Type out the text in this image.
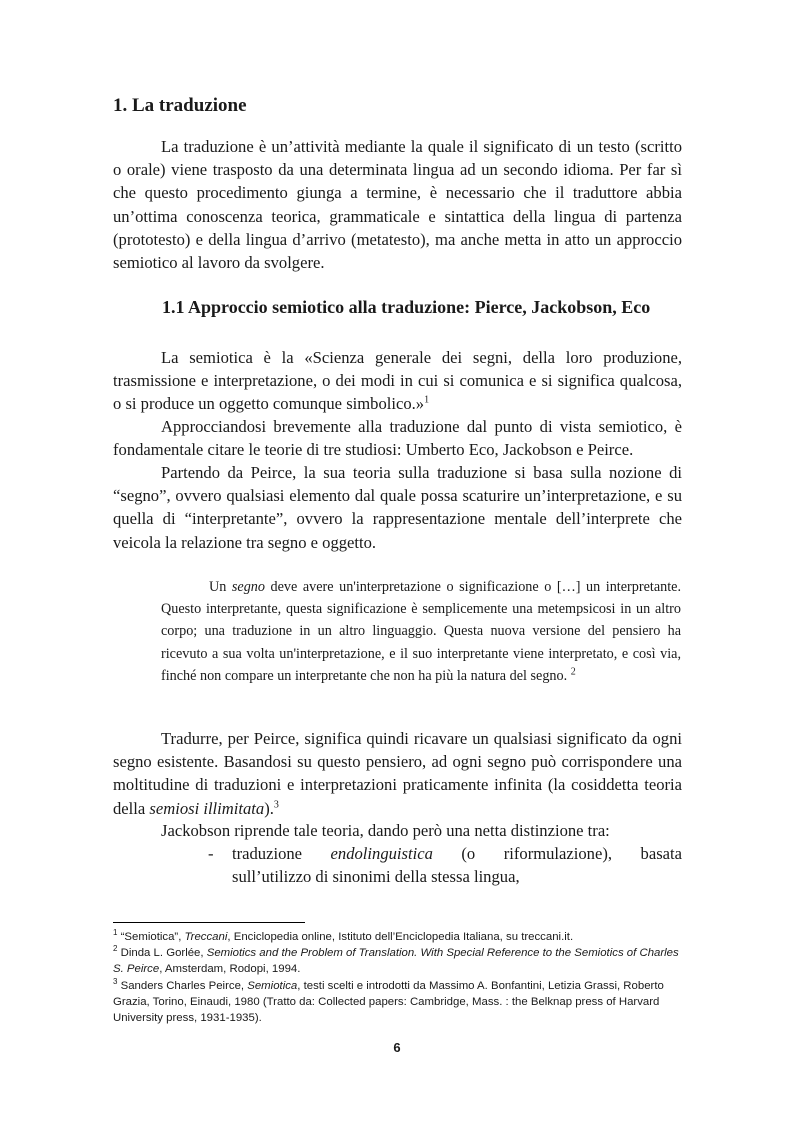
1. La traduzione

La traduzione è un’attività mediante la quale il significato di un testo (scritto o orale) viene trasposto da una determinata lingua ad un secondo idioma. Per far sì che questo procedimento giunga a termine, è necessario che il traduttore abbia un’ottima conoscenza teorica, grammaticale e sintattica della lingua di partenza (prototesto) e della lingua d’arrivo (metatesto), ma anche metta in atto un approccio semiotico al lavoro da svolgere.

1.1 Approccio semiotico alla traduzione: Pierce, Jackobson, Eco

La semiotica è la «Scienza generale dei segni, della loro produzione, trasmissione e interpretazione, o dei modi in cui si comunica e si significa qualcosa, o si produce un oggetto comunque simbolico.»$^1$

Approcciandosi brevemente alla traduzione dal punto di vista semiotico, è fondamentale citare le teorie di tre studiosi: Umberto Eco, Jackobson e Peirce.

Partendo da Peirce, la sua teoria sulla traduzione si basa sulla nozione di “segno”, ovvero qualsiasi elemento dal quale possa scaturire un’interpretazione, e su quella di “interpretante”, ovvero la rappresentazione mentale dell’interprete che veicola la relazione tra segno e oggetto.

Un segno deve avere un'interpretazione o significazione o […] un interpretante. Questo interpretante, questa significazione è semplicemente una metempsicosi in un altro corpo; una traduzione in un altro linguaggio. Questa nuova versione del pensiero ha ricevuto a sua volta un'interpretazione, e il suo interpretante viene interpretato, e così via, finché non compare un interpretante che non ha più la natura del segno. $^2$

Tradurre, per Peirce, significa quindi ricavare un qualsiasi significato da ogni segno esistente. Basandosi su questo pensiero, ad ogni segno può corrispondere una moltitudine di traduzioni e interpretazioni praticamente infinita (la cosiddetta teoria della semiosi illimitata).$^3$

Jackobson riprende tale teoria, dando però una netta distinzione tra:

- traduzione endolinguistica (o riformulazione), basata
sull’utilizzo di sinonimi della stessa lingua,

$^1$ “Semiotica”, Treccani, Enciclopedia online, Istituto dell’Enciclopedia Italiana, su treccani.it.

$^2$ Dinda L. Gorlée, Semiotics and the Problem of Translation. With Special Reference to the Semiotics of Charles S. Peirce, Amsterdam, Rodopi, 1994.

$^3$ Sanders Charles Peirce, Semiotica, testi scelti e introdotti da Massimo A. Bonfantini, Letizia Grassi, Roberto Grazia, Torino, Einaudi, 1980 (Tratto da: Collected papers: Cambridge, Mass. : the Belknap press of Harvard University press, 1931-1935).

6
